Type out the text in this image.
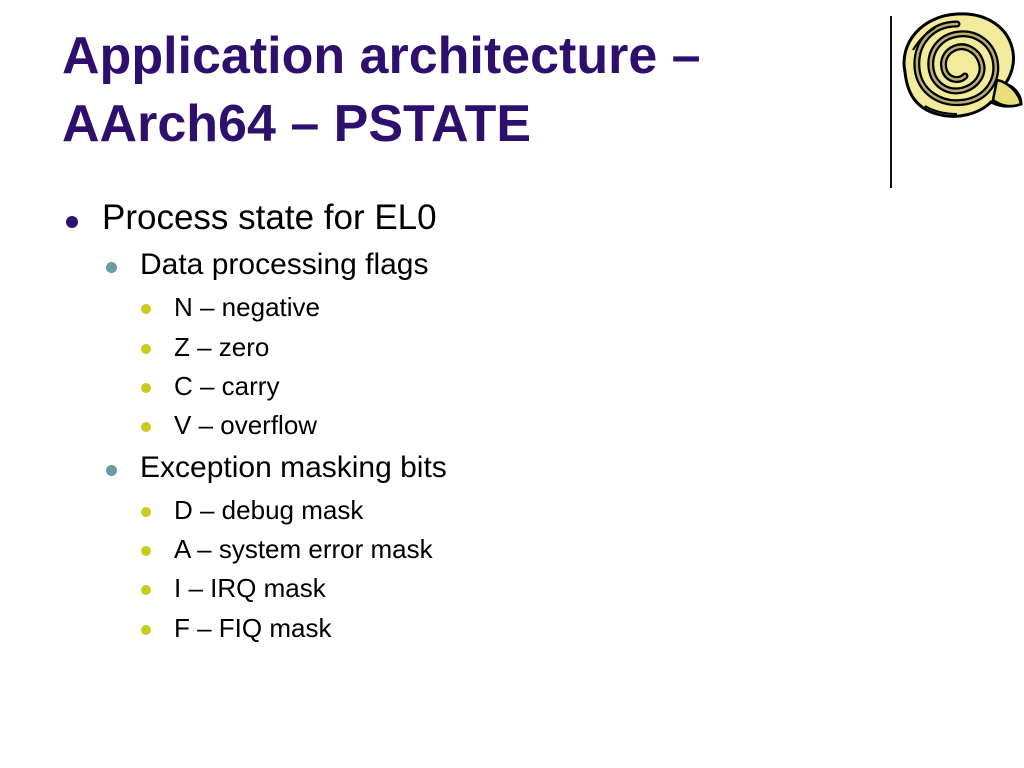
Application architecture –
AArch64 – PSTATE
Process state for EL0
Data processing flags
N – negative
Z – zero
C – carry
V – overflow
Exception masking bits
D – debug mask
A – system error mask
I – IRQ mask
F – FIQ mask
